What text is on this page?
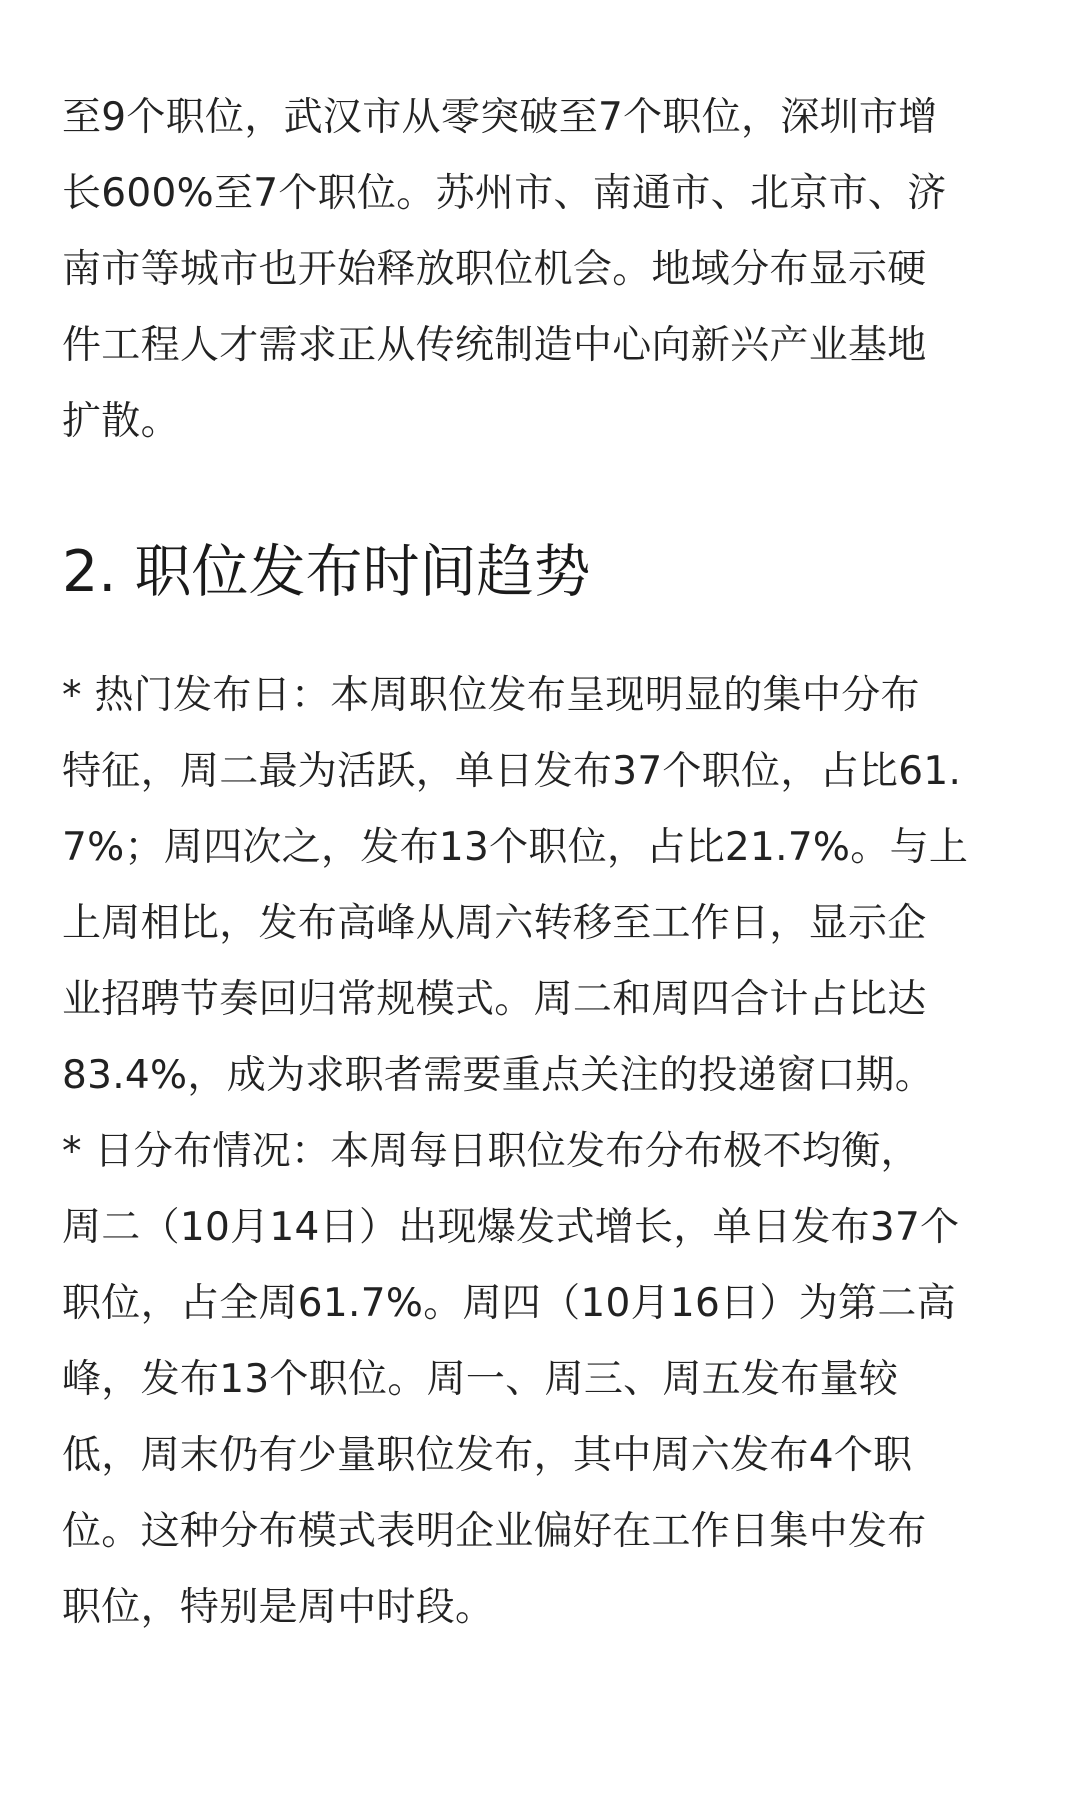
至9个职位，武汉市从零突破至7个职位，深圳市增
长600%至7个职位。苏州市、南通市、北京市、济
南市等城市也开始释放职位机会。地域分布显示硬
件工程人才需求正从传统制造中心向新兴产业基地
扩散。
2. 职位发布时间趋势
* 热门发布日：本周职位发布呈现明显的集中分布
特征，周二最为活跃，单日发布37个职位，占比61.
7%；周四次之，发布13个职位，占比21.7%。与上
上周相比，发布高峰从周六转移至工作日，显示企
业招聘节奏回归常规模式。周二和周四合计占比达
83.4%，成为求职者需要重点关注的投递窗口期。
* 日分布情况：本周每日职位发布分布极不均衡，
周二（10月14日）出现爆发式增长，单日发布37个
职位，占全周61.7%。周四（10月16日）为第二高
峰，发布13个职位。周一、周三、周五发布量较
低，周末仍有少量职位发布，其中周六发布4个职
位。这种分布模式表明企业偏好在工作日集中发布
职位，特别是周中时段。
